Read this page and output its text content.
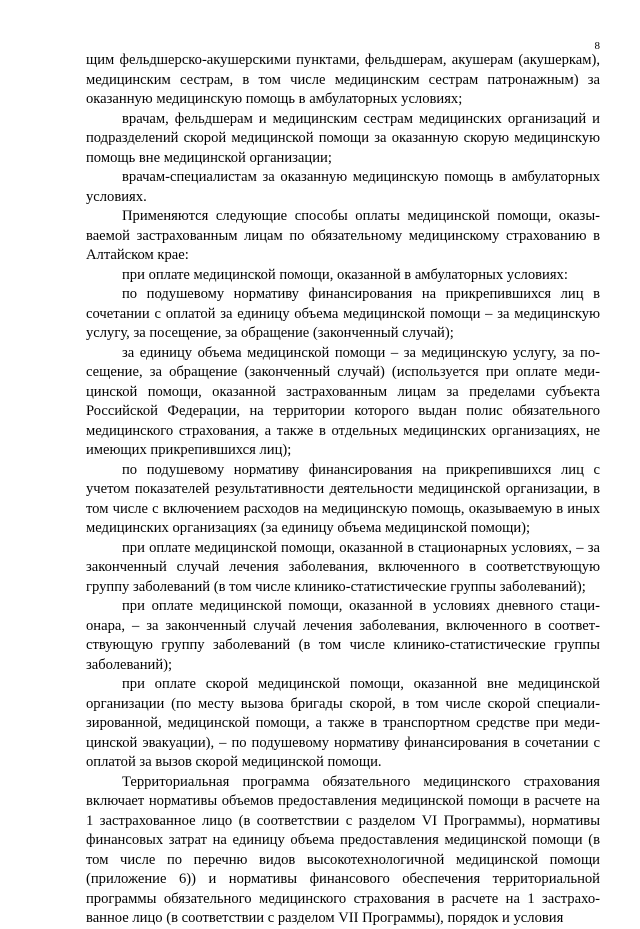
8

щим фельдшерско-акушерскими пунктами, фельдшерам, акушерам (акушеркам), медицинским сестрам, в том числе медицинским сестрам патронажным) за оказанную медицинскую помощь в амбулаторных условиях;

врачам, фельдшерам и медицинским сестрам медицинских организаций и подразделений скорой медицинской помощи за оказанную скорую медицинскую помощь вне медицинской организации;

врачам-специалистам за оказанную медицинскую помощь в амбулаторных условиях.

Применяются следующие способы оплаты медицинской помощи, оказываемой застрахованным лицам по обязательному медицинскому страхованию в Алтайском крае:

при оплате медицинской помощи, оказанной в амбулаторных условиях:

по подушевому нормативу финансирования на прикрепившихся лиц в сочетании с оплатой за единицу объема медицинской помощи – за медицинскую услугу, за посещение, за обращение (законченный случай);

за единицу объема медицинской помощи – за медицинскую услугу, за посещение, за обращение (законченный случай) (используется при оплате медицинской помощи, оказанной застрахованным лицам за пределами субъекта Российской Федерации, на территории которого выдан полис обязательного медицинского страхования, а также в отдельных медицинских организациях, не имеющих прикрепившихся лиц);

по подушевому нормативу финансирования на прикрепившихся лиц с учетом показателей результативности деятельности медицинской организации, в том числе с включением расходов на медицинскую помощь, оказываемую в иных медицинских организациях (за единицу объема медицинской помощи);

при оплате медицинской помощи, оказанной в стационарных условиях, – за законченный случай лечения заболевания, включенного в соответствующую группу заболеваний (в том числе клинико-статистические группы заболеваний);

при оплате медицинской помощи, оказанной в условиях дневного стационара, – за законченный случай лечения заболевания, включенного в соответствующую группу заболеваний (в том числе клинико-статистические группы заболеваний);

при оплате скорой медицинской помощи, оказанной вне медицинской организации (по месту вызова бригады скорой, в том числе скорой специализированной, медицинской помощи, а также в транспортном средстве при медицинской эвакуации), – по подушевому нормативу финансирования в сочетании с оплатой за вызов скорой медицинской помощи.

Территориальная программа обязательного медицинского страхования включает нормативы объемов предоставления медицинской помощи в расчете на 1 застрахованное лицо (в соответствии с разделом VI Программы), нормативы финансовых затрат на единицу объема предоставления медицинской помощи (в том числе по перечню видов высокотехнологичной медицинской помощи (приложение 6)) и нормативы финансового обеспечения территориальной программы обязательного медицинского страхования в расчете на 1 застрахованное лицо (в соответствии с разделом VII Программы), порядок и условия
